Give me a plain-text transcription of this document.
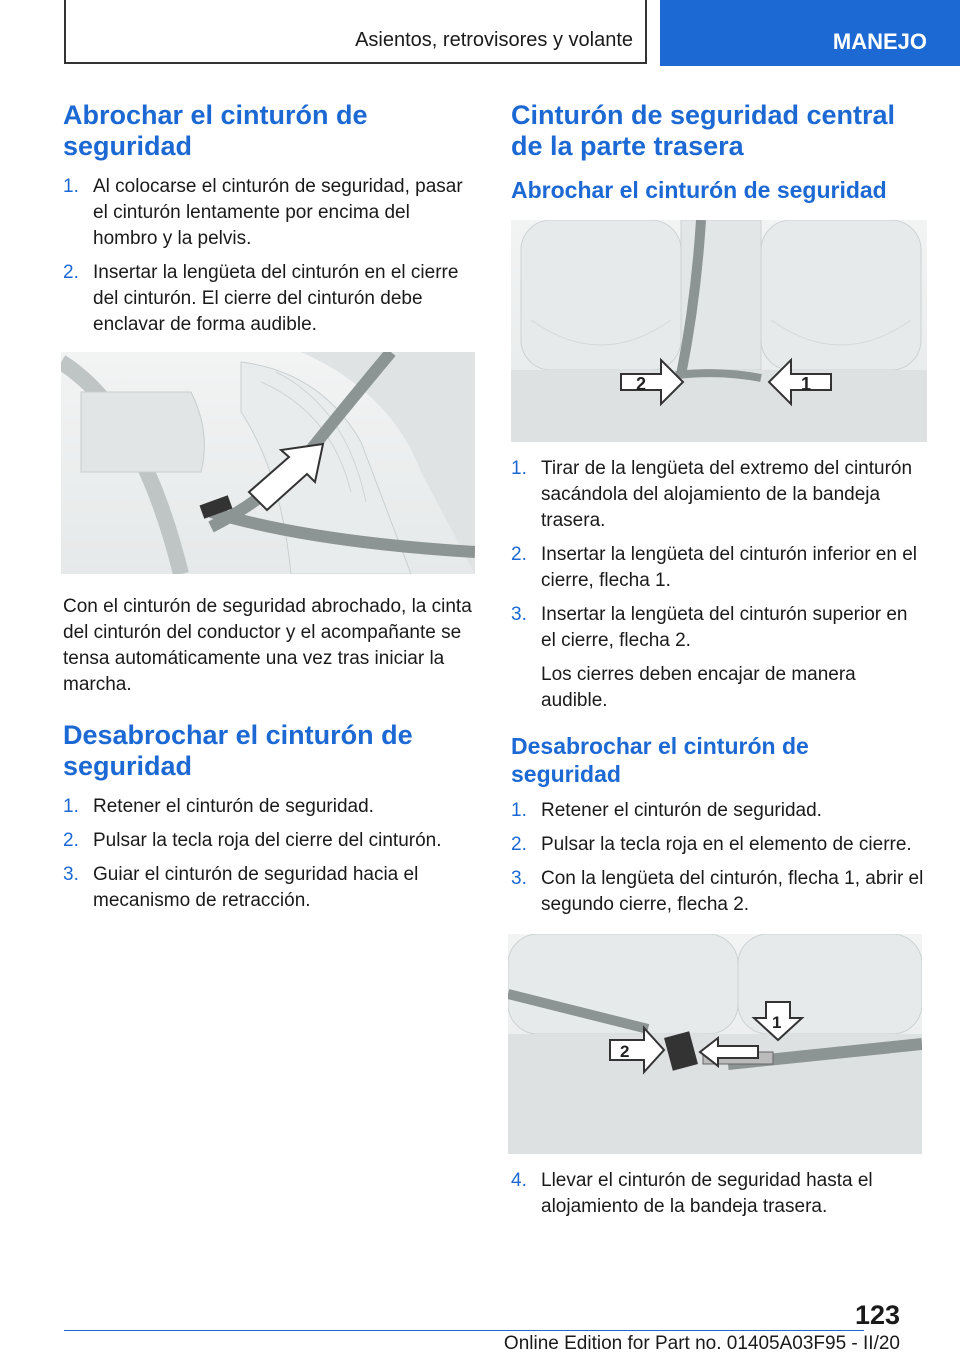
Asientos, retrovisores y volante	MANEJO
Abrochar el cinturón de seguridad
1. Al colocarse el cinturón de seguridad, pasar el cinturón lentamente por encima del hombro y la pelvis.
2. Insertar la lengüeta del cinturón en el cierre del cinturón. El cierre del cinturón debe enclavar de forma audible.

Con el cinturón de seguridad abrochado, la cinta del cinturón del conductor y el acompañante se tensa automáticamente una vez tras iniciar la marcha.

Desabrochar el cinturón de seguridad
1. Retener el cinturón de seguridad.
2. Pulsar la tecla roja del cierre del cinturón.
3. Guiar el cinturón de seguridad hacia el mecanismo de retracción.
Cinturón de seguridad central de la parte trasera
Abrochar el cinturón de seguridad
2	1
1. Tirar de la lengüeta del extremo del cinturón sacándola del alojamiento de la bandeja trasera.
2. Insertar la lengüeta del cinturón inferior en el cierre, flecha 1.
3. Insertar la lengüeta del cinturón superior en el cierre, flecha 2.

Los cierres deben encajar de manera audible.

Desabrochar el cinturón de seguridad
1. Retener el cinturón de seguridad.
2. Pulsar la tecla roja en el elemento de cierre.
3. Con la lengüeta del cinturón, flecha 1, abrir el segundo cierre, flecha 2.
1
2
4. Llevar el cinturón de seguridad hasta el alojamiento de la bandeja trasera.
123
Online Edition for Part no. 01405A03F95 - II/20
